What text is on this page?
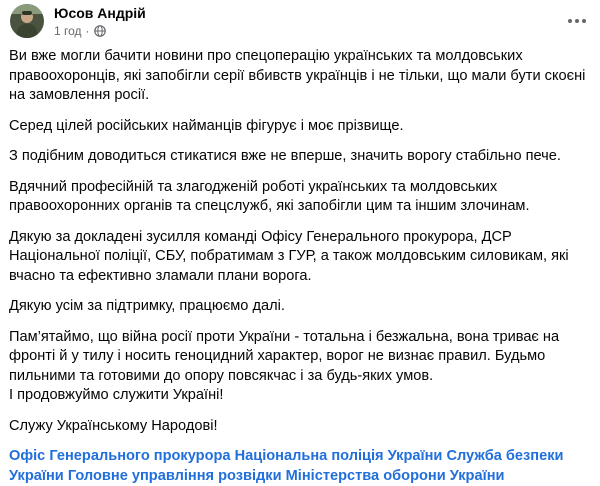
Юсов Андрій
1 год ·

Ви вже могли бачити новини про спецоперацію українських та молдовських правоохоронців, які запобігли серії вбивств українців і не тільки, що мали бути скоєні на замовлення росії.

Серед цілей російських найманців фігурує і моє прізвище.

З подібним доводиться стикатися вже не вперше, значить ворогу стабільно пече.

Вдячний професійній та злагодженій роботі українських та молдовських правоохоронних органів та спецслужб, які запобігли цим та іншим злочинам.

Дякую за докладені зусилля команді Офісу Генерального прокурора, ДСР Національної поліції, СБУ, побратимам з ГУР, а також молдовським силовикам, які вчасно та ефективно зламали плани ворога.

Дякую усім за підтримку, працюємо далі.

Пам’ятаймо, що війна росії проти України - тотальна і безжальна, вона триває на фронті й у тилу і носить геноцидний характер, ворог не визнає правил. Будьмо пильними та готовими до опору повсякчас і за будь-яких умов.

І продовжуймо служити Україні!

Служу Українському Народові!

Офіс Генерального прокурора Національна поліція України Служба безпеки України Головне управління розвідки Міністерства оборони України
